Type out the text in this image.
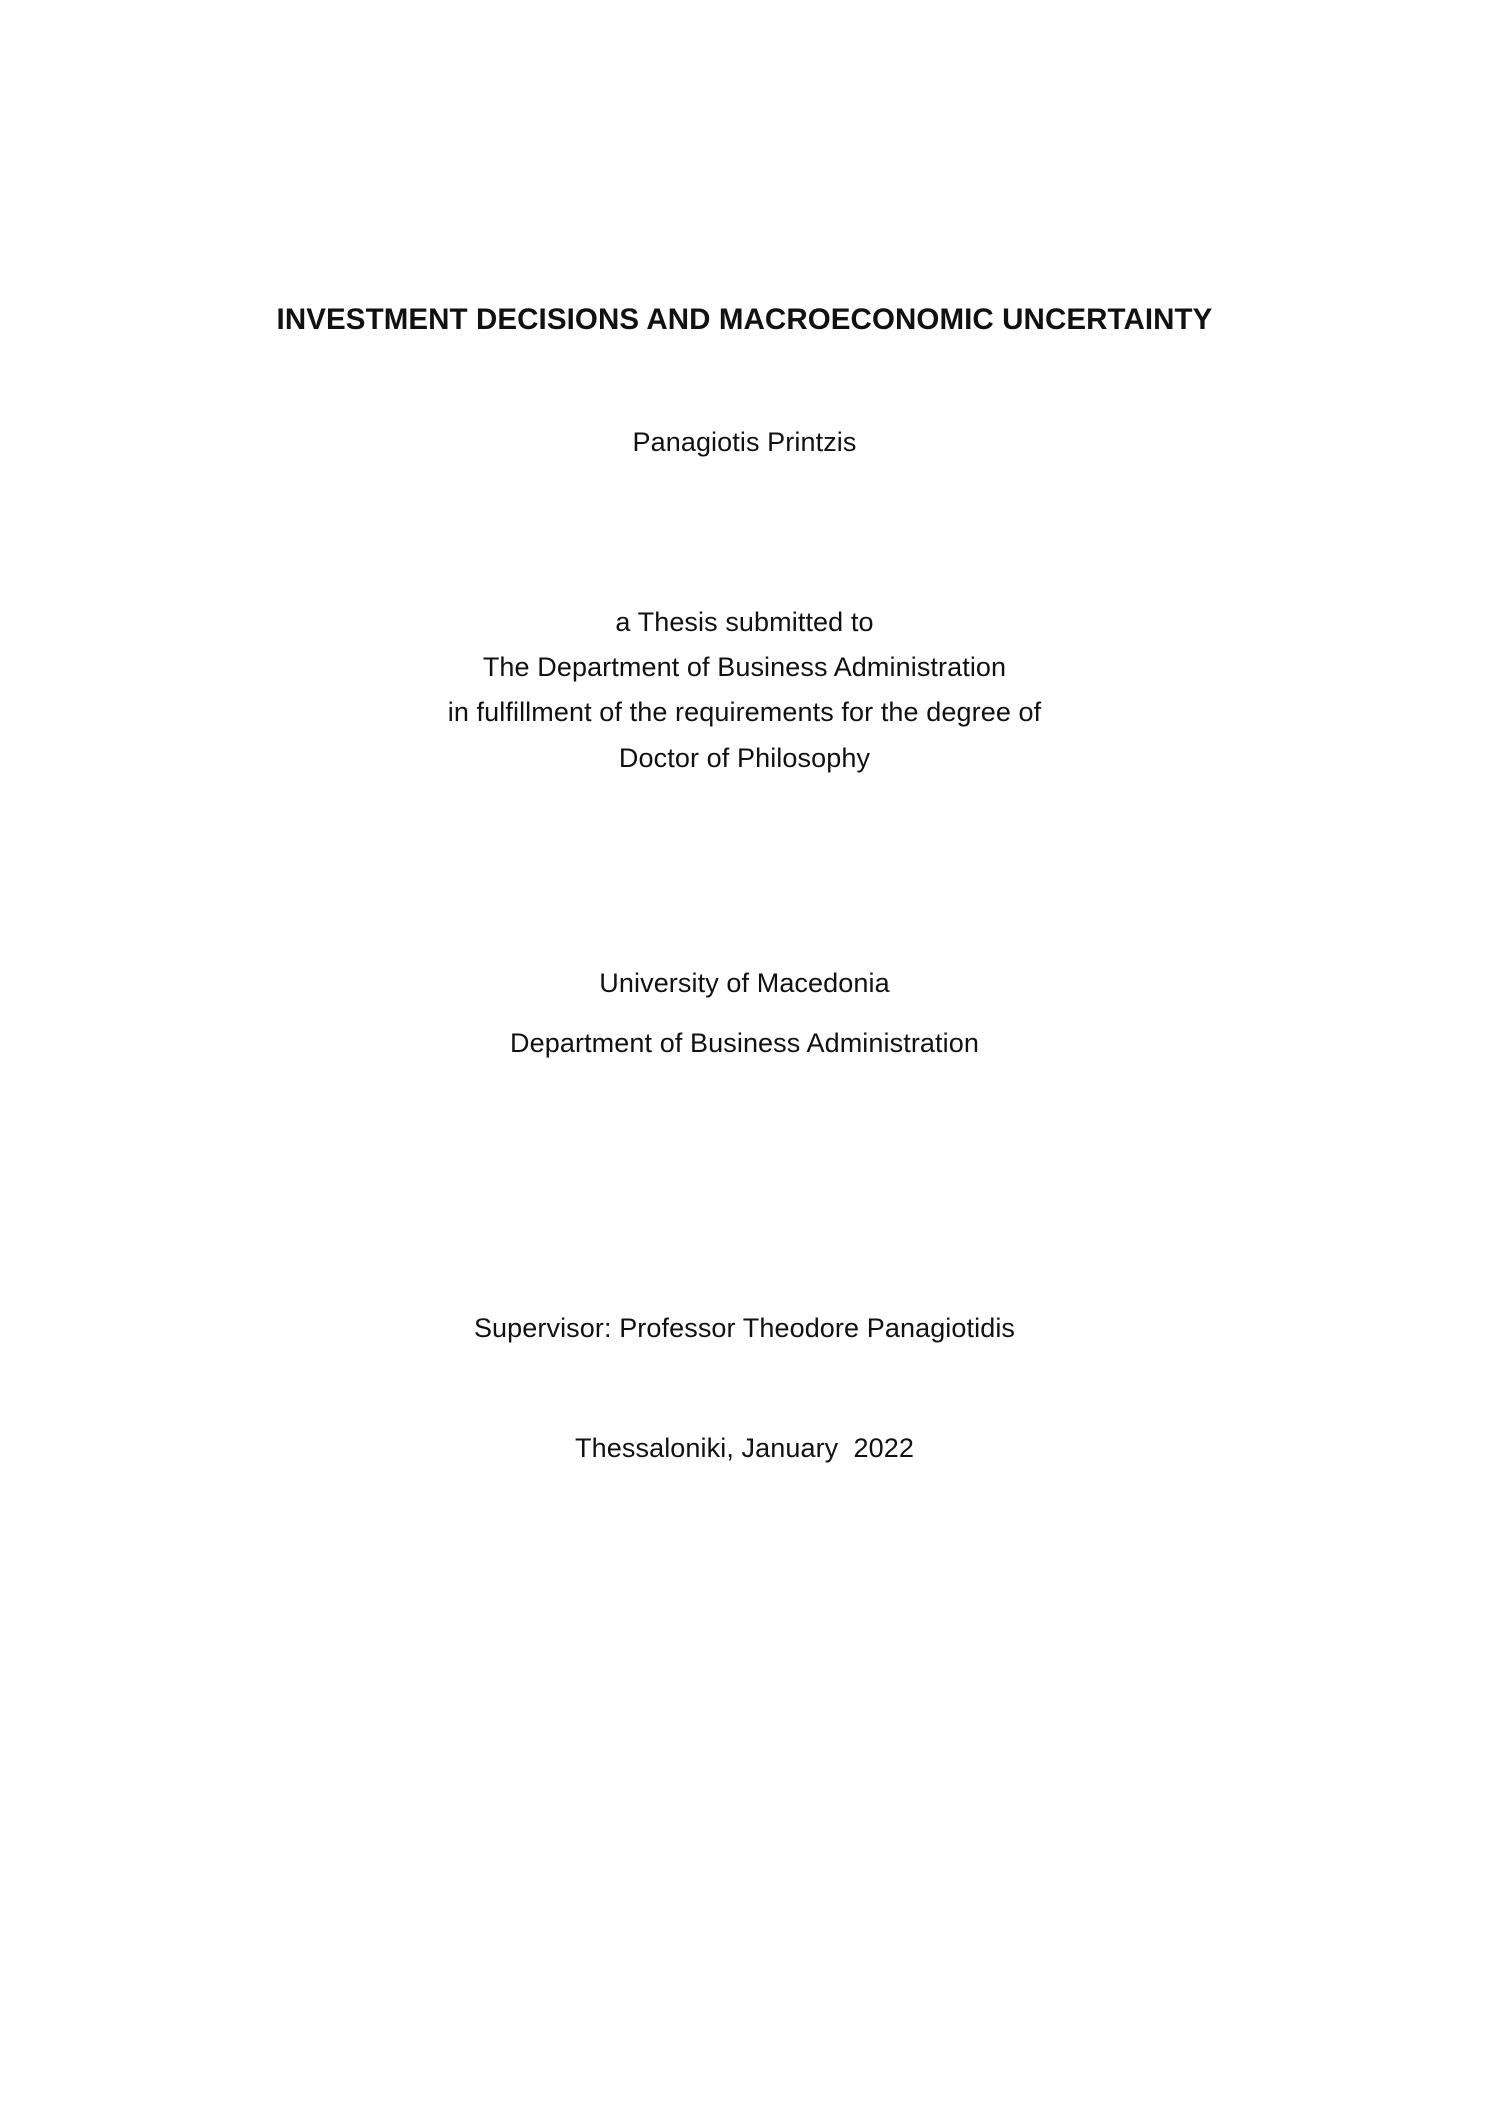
INVESTMENT DECISIONS AND MACROECONOMIC UNCERTAINTY
Panagiotis Printzis
a Thesis submitted to
The Department of Business Administration
in fulfillment of the requirements for the degree of
Doctor of Philosophy
University of Macedonia
Department of Business Administration
Supervisor: Professor Theodore Panagiotidis
Thessaloniki, January  2022
